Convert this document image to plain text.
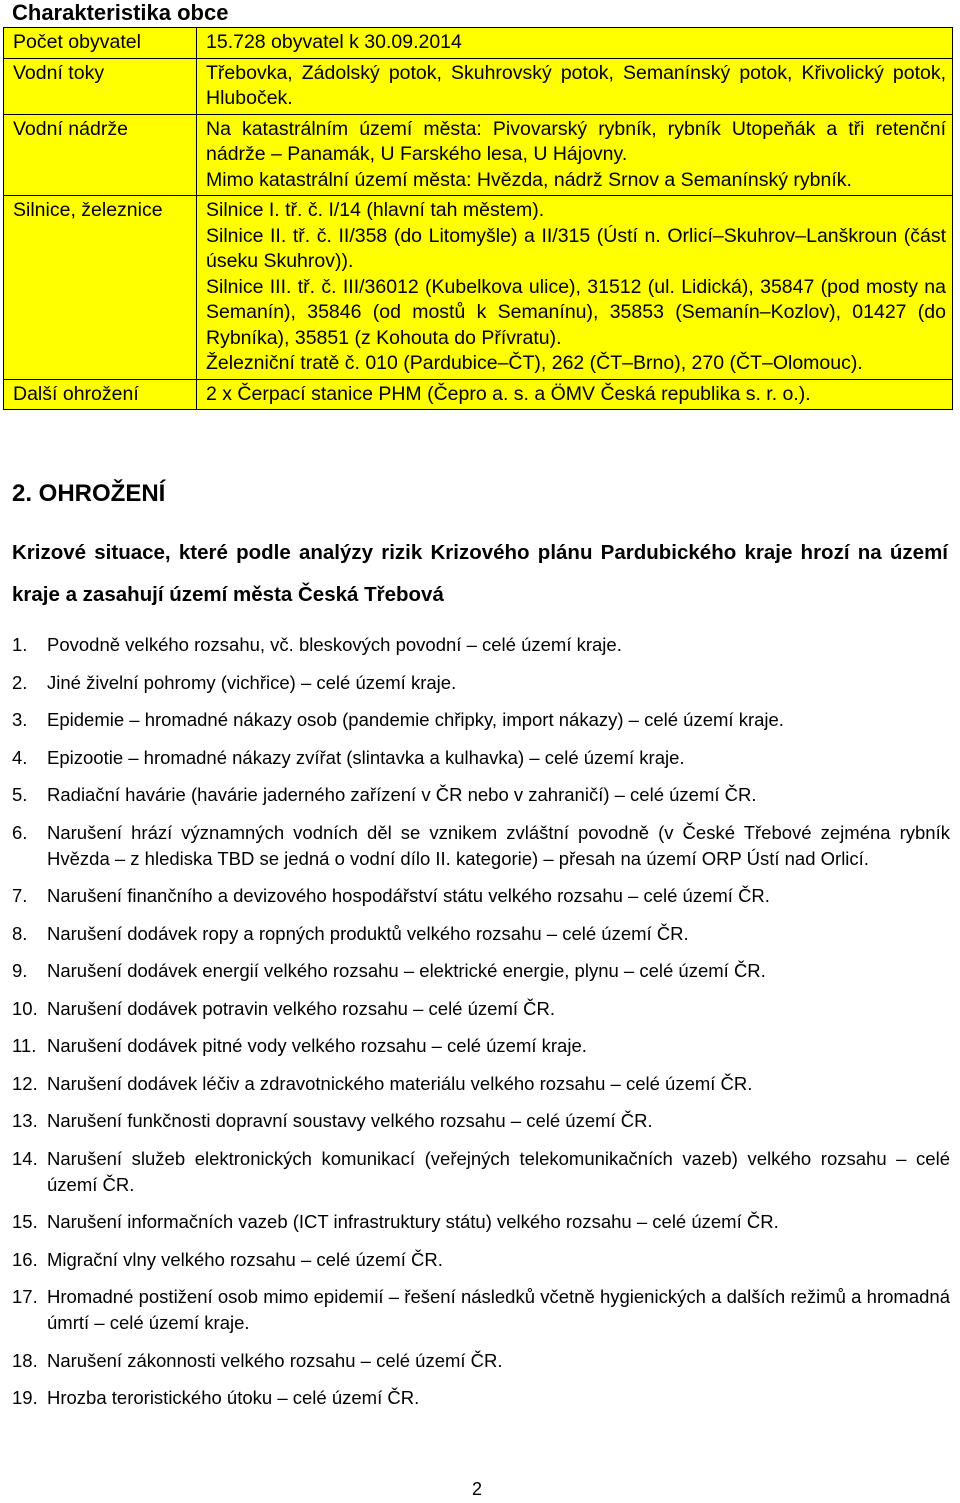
Charakteristika obce
Počet obyvatel	15.728 obyvatel k 30.09.2014

Vodní toky	Třebovka, Zádolský potok, Skuhrovský potok, Semanínský potok, Křivolický potok, Hluboček.

Vodní nádrže	Na katastrálním území města: Pivovarský rybník, rybník Utopeňák a tři retenční nádrže – Panamák, U Farského lesa, U Hájovny.
Mimo katastrální území města: Hvězda, nádrž Srnov a Semanínský rybník.

Silnice, železnice	Silnice I. tř. č. I/14 (hlavní tah městem).
Silnice II. tř. č. II/358 (do Litomyšle) a II/315 (Ústí n. Orlicí–Skuhrov–Lanškroun (část úseku Skuhrov)).
Silnice III. tř. č. III/36012 (Kubelkova ulice), 31512 (ul. Lidická), 35847 (pod mosty na Semanín), 35846 (od mostů k Semanínu), 35853 (Semanín–Kozlov), 01427 (do Rybníka), 35851 (z Kohouta do Přívratu).
Železniční tratě č. 010 (Pardubice–ČT), 262 (ČT–Brno), 270 (ČT–Olomouc).

Další ohrožení	2 x Čerpací stanice PHM (Čepro a. s. a ÖMV Česká republika s. r. o.).
2. OHROŽENÍ
Krizové situace, které podle analýzy rizik Krizového plánu Pardubického kraje hrozí na území kraje a zasahují území města Česká Třebová
1. Povodně velkého rozsahu, vč. bleskových povodní – celé území kraje.
2. Jiné živelní pohromy (vichřice) – celé území kraje.
3. Epidemie – hromadné nákazy osob (pandemie chřipky, import nákazy) – celé území kraje.
4. Epizootie – hromadné nákazy zvířat (slintavka a kulhavka) – celé území kraje.
5. Radiační havárie (havárie jaderného zařízení v ČR nebo v zahraničí) – celé území ČR.
6. Narušení hrází významných vodních děl se vznikem zvláštní povodně (v České Třebové zejména rybník Hvězda – z hlediska TBD se jedná o vodní dílo II. kategorie) – přesah na území ORP Ústí nad Orlicí.
7. Narušení finančního a devizového hospodářství státu velkého rozsahu – celé území ČR.
8. Narušení dodávek ropy a ropných produktů velkého rozsahu – celé území ČR.
9. Narušení dodávek energií velkého rozsahu – elektrické energie, plynu – celé území ČR.
10. Narušení dodávek potravin velkého rozsahu – celé území ČR.
11. Narušení dodávek pitné vody velkého rozsahu – celé území kraje.
12. Narušení dodávek léčiv a zdravotnického materiálu velkého rozsahu – celé území ČR.
13. Narušení funkčnosti dopravní soustavy velkého rozsahu – celé území ČR.
14. Narušení služeb elektronických komunikací (veřejných telekomunikačních vazeb) velkého rozsahu – celé území ČR.
15. Narušení informačních vazeb (ICT infrastruktury státu) velkého rozsahu – celé území ČR.
16. Migrační vlny velkého rozsahu – celé území ČR.
17. Hromadné postižení osob mimo epidemií – řešení následků včetně hygienických a dalších režimů a hromadná úmrtí – celé území kraje.
18. Narušení zákonnosti velkého rozsahu – celé území ČR.
19. Hrozba teroristického útoku – celé území ČR.
2
